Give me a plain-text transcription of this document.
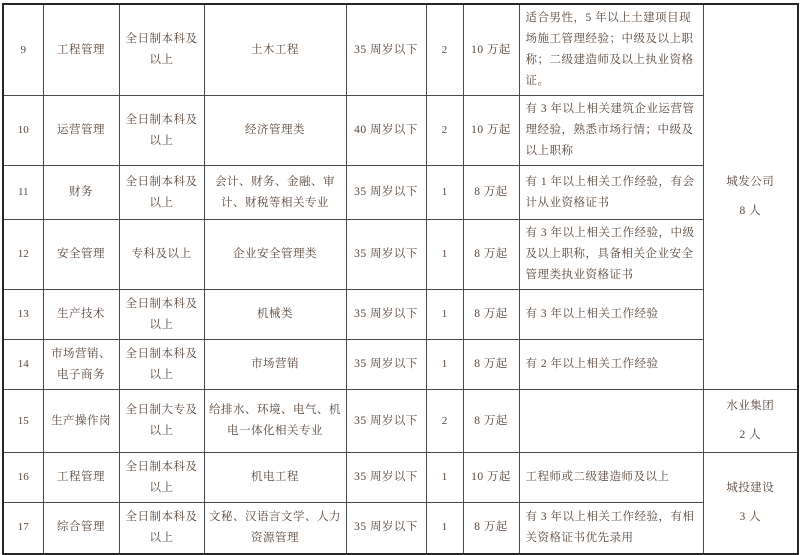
9	工程管理	全日制本科及以上	土木工程	35 周岁以下	2	10 万起	适合男性，5 年以上土建项目现场施工管理经验；中级及以上职称；二级建造师及以上执业资格证。	城发公司
8 人

10	运营管理	全日制本科及以上	经济管理类	40 周岁以下	2	10 万起	有 3 年以上相关建筑企业运营管理经验，熟悉市场行情；中级及以上职称	
11	财务	全日制本科及以上	会计、财务、金融、审计、财税等相关专业	35 周岁以下	1	8 万起	有 1 年以上相关工作经验，有会计从业资格证书	
12	安全管理	专科及以上	企业安全管理类	35 周岁以下	1	8 万起	有 3 年以上相关工作经验，中级及以上职称，具备相关企业安全管理类执业资格证书	
13	生产技术	全日制本科及以上	机械类	35 周岁以下	1	8 万起	有 3 年以上相关工作经验	
14	市场营销、电子商务	全日制本科及以上	市场营销	35 周岁以下	1	8 万起	有 2 年以上相关工作经验	
15	生产操作岗	全日制大专及以上	给排水、环境、电气、机电一体化相关专业	35 周岁以下	2	8 万起		水业集团
2 人

16	工程管理	全日制本科及以上	机电工程	35 周岁以下	1	10 万起	工程师或二级建造师及以上	城投建设
3 人

17	综合管理	全日制本科及以上	文秘、汉语言文学、人力资源管理	35 周岁以下	1	8 万起	有 3 年以上相关工作经验，有相关资格证书优先录用	
